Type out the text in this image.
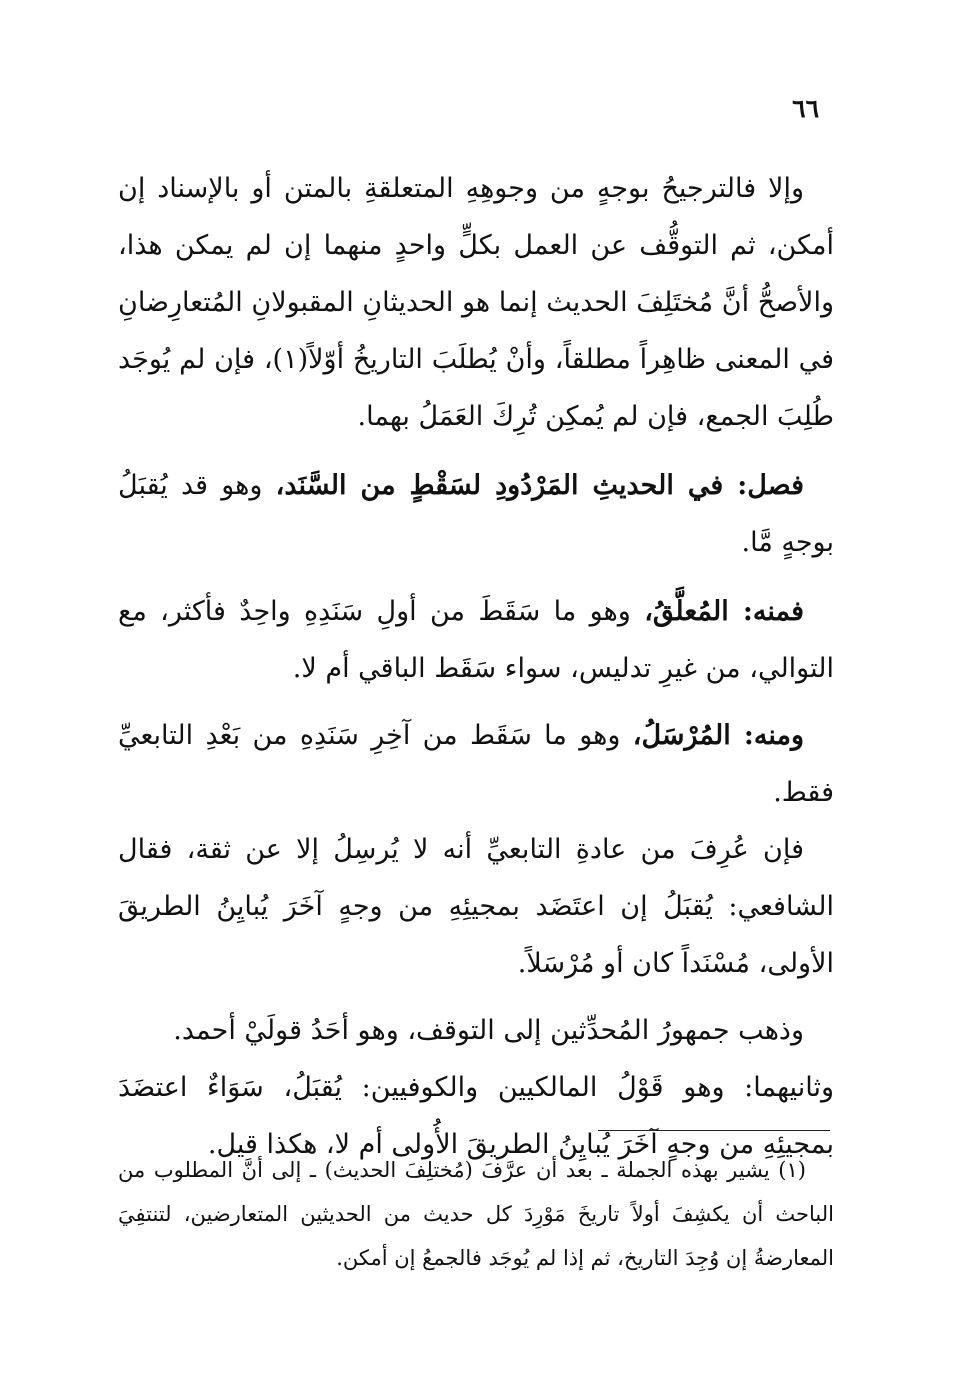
٦٦

وإلا فالترجيحُ بوجهٍ من وجوهِهِ المتعلقةِ بالمتن أو بالإسناد إن أمكن، ثم التوقُّف عن العمل بكلٍّ واحدٍ منهما إن لم يمكن هذا، والأصحُّ أنَّ مُختَلِفَ الحديث إنما هو الحديثانِ المقبولانِ المُتعارِضانِ في المعنى ظاهِراً مطلقاً، وأنْ يُطلَبَ التاريخُ أوّلاً(١)، فإن لم يُوجَد طُلِبَ الجمع، فإن لم يُمكِن تُرِكَ العَمَلُ بهما.

فصل: في الحديثِ المَرْدُودِ لسَقْطٍ من السَّنَد، وهو قد يُقبَلُ بوجهٍ مَّا.

فمنه: المُعلَّقُ، وهو ما سَقَطَ من أولِ سَنَدِهِ واحِدٌ فأكثر، مع التوالي، من غيرِ تدليس، سواء سَقَط الباقي أم لا.

ومنه: المُرْسَلُ، وهو ما سَقَط من آخِرِ سَنَدِهِ من بَعْدِ التابعيِّ فقط.

فإن عُرِفَ من عادةِ التابعيِّ أنه لا يُرسِلُ إلا عن ثقة، فقال الشافعي: يُقبَلُ إن اعتَضَد بمجيئِهِ من وجهٍ آخَرَ يُبايِنُ الطريقَ الأولى، مُسْنَداً كان أو مُرْسَلاً.

وذهب جمهورُ المُحدِّثين إلى التوقف، وهو أحَدُ قولَيْ أحمد.

وثانيهما: وهو قَوْلُ المالكيين والكوفيين: يُقبَلُ، سَوَاءٌ اعتضَدَ بمجيئِهِ من وجهٍ آخَرَ يُبايِنُ الطريقَ الأُولى أم لا، هكذا قيل.

(١) يشير بهذه الجملة ـ بعد أن عرَّفَ (مُختلِفَ الحديث) ـ إلى أنَّ المطلوب من الباحث أن يكشِفَ أولاً تاريخَ مَوْرِدَ كل حديث من الحديثين المتعارضين، لتنتفِيَ المعارضةُ إن وُجِدَ التاريخ، ثم إذا لم يُوجَد فالجمعُ إن أمكن.
